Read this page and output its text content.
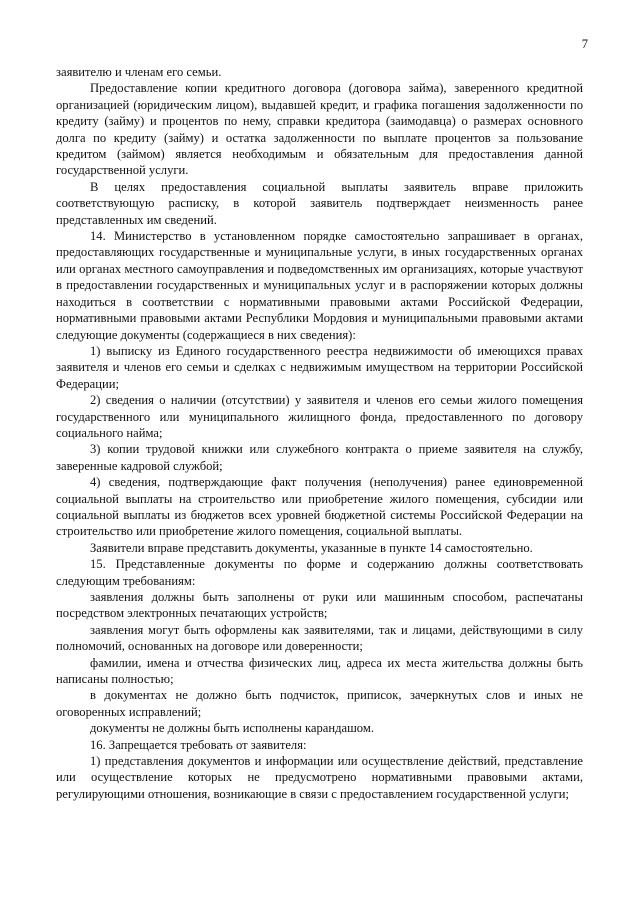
7

заявителю и членам его семьи.

Предоставление копии кредитного договора (договора займа), заверенного кредитной организацией (юридическим лицом), выдавшей кредит, и графика погашения задолженности по кредиту (займу) и процентов по нему, справки кредитора (заимодавца) о размерах основного долга по кредиту (займу) и остатка задолженности по выплате процентов за пользование кредитом (займом) является необходимым и обязательным для предоставления данной государственной услуги.

В целях предоставления социальной выплаты заявитель вправе приложить соответствующую расписку, в которой заявитель подтверждает неизменность ранее представленных им сведений.

14. Министерство в установленном порядке самостоятельно запрашивает в органах, предоставляющих государственные и муниципальные услуги, в иных государственных органах или органах местного самоуправления и подведомственных им организациях, которые участвуют в предоставлении государственных и муниципальных услуг и в распоряжении которых должны находиться в соответствии с нормативными правовыми актами Российской Федерации, нормативными правовыми актами Республики Мордовия и муниципальными правовыми актами следующие документы (содержащиеся в них сведения):

1) выписку из Единого государственного реестра недвижимости об имеющихся правах заявителя и членов его семьи и сделках с недвижимым имуществом на территории Российской Федерации;

2) сведения о наличии (отсутствии) у заявителя и членов его семьи жилого помещения государственного или муниципального жилищного фонда, предоставленного по договору социального найма;

3) копии трудовой книжки или служебного контракта о приеме заявителя на службу, заверенные кадровой службой;

4) сведения, подтверждающие факт получения (неполучения) ранее единовременной социальной выплаты на строительство или приобретение жилого помещения, субсидии или социальной выплаты из бюджетов всех уровней бюджетной системы Российской Федерации на строительство или приобретение жилого помещения, социальной выплаты.

Заявители вправе представить документы, указанные в пункте 14 самостоятельно.

15. Представленные документы по форме и содержанию должны соответствовать следующим требованиям:

заявления должны быть заполнены от руки или машинным способом, распечатаны посредством электронных печатающих устройств;

заявления могут быть оформлены как заявителями, так и лицами, действующими в силу полномочий, основанных на договоре или доверенности;

фамилии, имена и отчества физических лиц, адреса их места жительства должны быть написаны полностью;

в документах не должно быть подчисток, приписок, зачеркнутых слов и иных не оговоренных исправлений;

документы не должны быть исполнены карандашом.

16. Запрещается требовать от заявителя:

1) представления документов и информации или осуществление действий, представление или осуществление которых не предусмотрено нормативными правовыми актами, регулирующими отношения, возникающие в связи с предоставлением государственной услуги;
